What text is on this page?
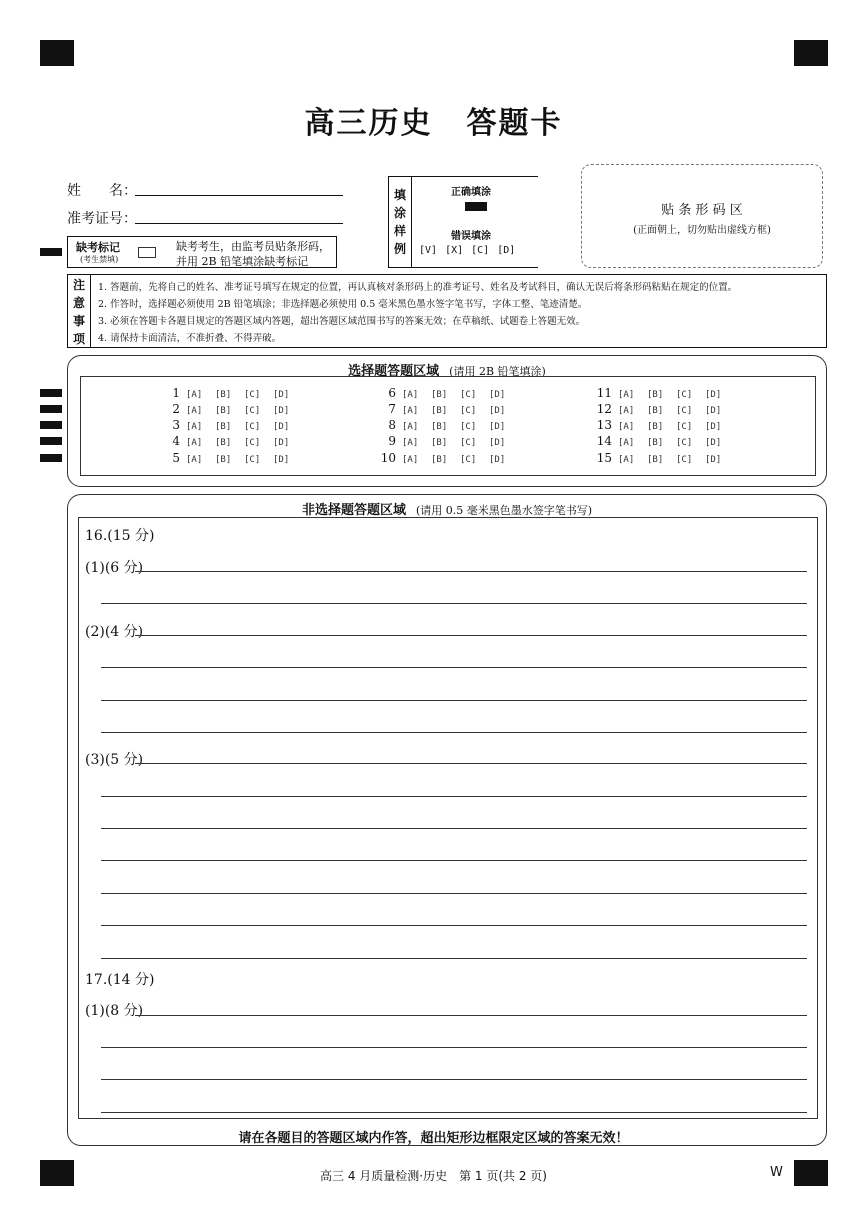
高三历史 答题卡
姓　　名：
准考证号：
缺考标记
(考生禁填)
缺考考生，由监考员贴条形码，
并用 2B 铅笔填涂缺考标记
填
涂
样
例
正确填涂
错误填涂
[V] [X] [C] [D]
贴 条 形 码 区
(正面朝上，切勿贴出虚线方框)
注
意
事
项
1. 答题前，先将自己的姓名、准考证号填写在规定的位置，再认真核对条形码上的准考证号、姓名及考试科目，确认无误后将条形码粘贴在规定的位置。
2. 作答时，选择题必须使用 2B 铅笔填涂；非选择题必须使用 0.5 毫米黑色墨水签字笔书写，字体工整、笔迹清楚。
3. 必须在答题卡各题目规定的答题区域内答题，超出答题区域范围书写的答案无效；在草稿纸、试题卷上答题无效。
4. 请保持卡面清洁，不准折叠、不得弄破。
选择题答题区域 (请用 2B 铅笔填涂)
1 [A] [B] [C] [D]
2 [A] [B] [C] [D]
3 [A] [B] [C] [D]
4 [A] [B] [C] [D]
5 [A] [B] [C] [D]
6 [A] [B] [C] [D]
7 [A] [B] [C] [D]
8 [A] [B] [C] [D]
9 [A] [B] [C] [D]
10 [A] [B] [C] [D]
11 [A] [B] [C] [D]
12 [A] [B] [C] [D]
13 [A] [B] [C] [D]
14 [A] [B] [C] [D]
15 [A] [B] [C] [D]
非选择题答题区域 (请用 0.5 毫米黑色墨水签字笔书写)
16.(15 分)
(1)(6 分)
(2)(4 分)
(3)(5 分)
17.(14 分)
(1)(8 分)
请在各题目的答题区域内作答，超出矩形边框限定区域的答案无效！
高三 4 月质量检测·历史　第 1 页(共 2 页)	W
